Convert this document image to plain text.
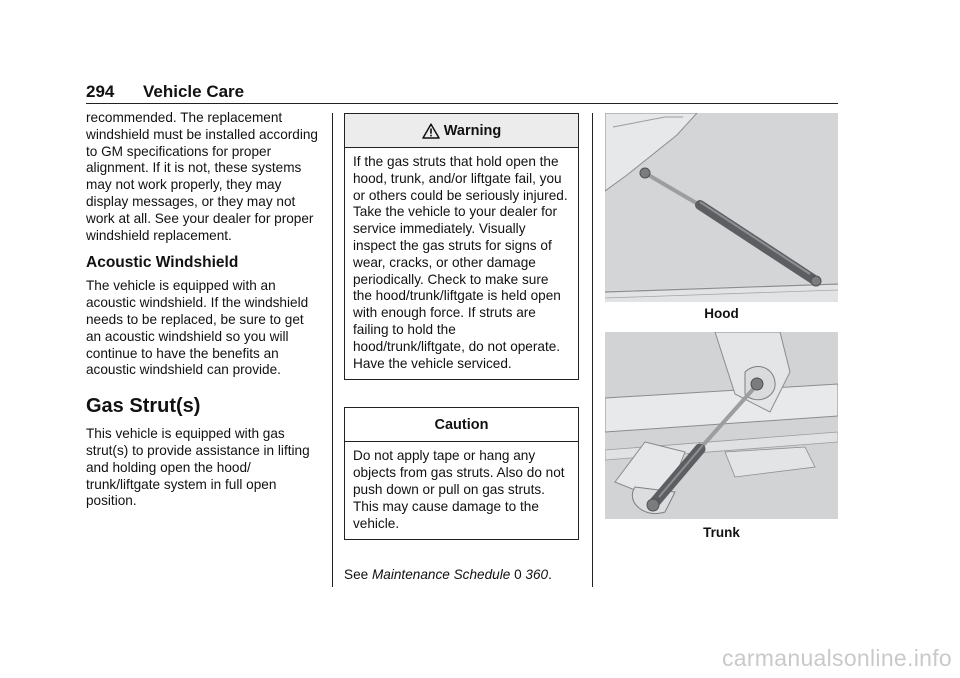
294 Vehicle Care

recommended. The replacement windshield must be installed according to GM specifications for proper alignment. If it is not, these systems may not work properly, they may display messages, or they may not work at all. See your dealer for proper windshield replacement.

Acoustic Windshield

The vehicle is equipped with an acoustic windshield. If the windshield needs to be replaced, be sure to get an acoustic windshield so you will continue to have the benefits an acoustic windshield can provide.

Gas Strut(s)

This vehicle is equipped with gas strut(s) to provide assistance in lifting and holding open the hood/ trunk/liftgate system in full open position.

Warning
If the gas struts that hold open the hood, trunk, and/or liftgate fail, you or others could be seriously injured. Take the vehicle to your dealer for service immediately. Visually inspect the gas struts for signs of wear, cracks, or other damage periodically. Check to make sure the hood/trunk/liftgate is held open with enough force. If struts are failing to hold the hood/trunk/liftgate, do not operate. Have the vehicle serviced.
Caution
Do not apply tape or hang any objects from gas struts. Also do not push down or pull on gas struts. This may cause damage to the vehicle.
See Maintenance Schedule 0 360.
Hood
Trunk
carmanualsonline.info
